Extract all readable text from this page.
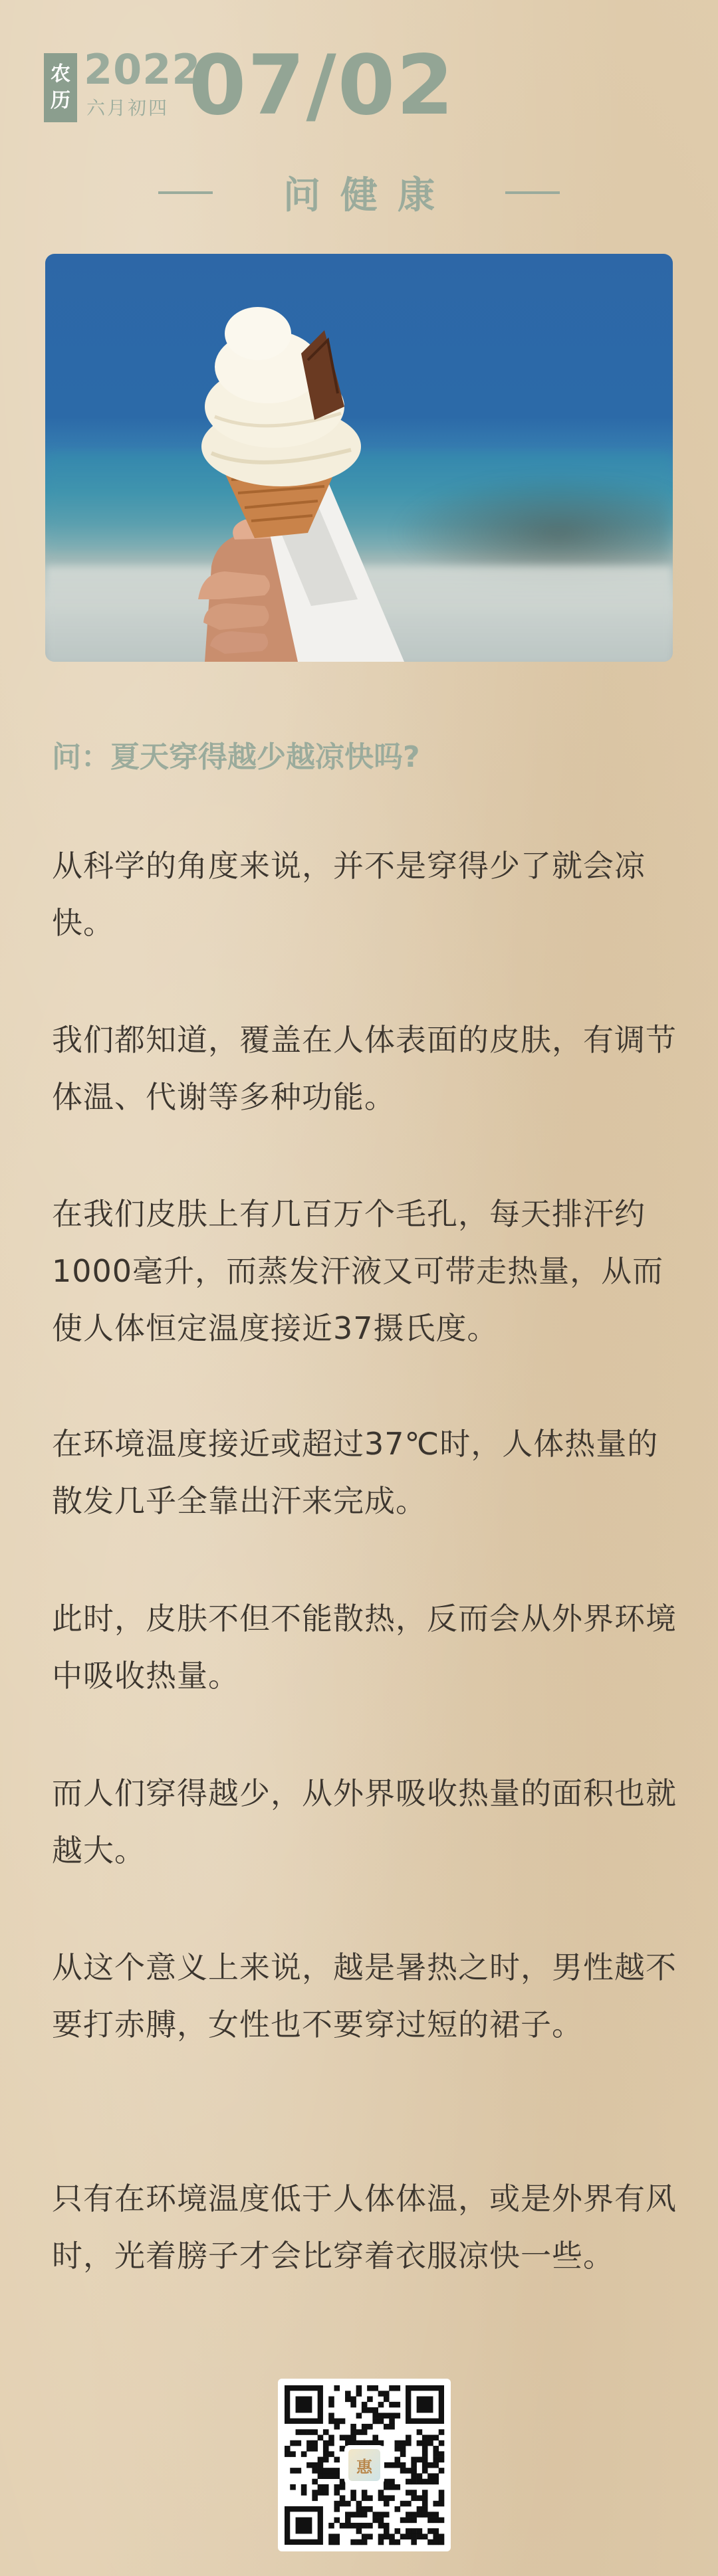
农
历
2022
六月初四 07/02
问健康
问：夏天穿得越少越凉快吗?

从科学的角度来说，并不是穿得少了就会凉快。

我们都知道，覆盖在人体表面的皮肤，有调节体温、代谢等多种功能。

在我们皮肤上有几百万个毛孔，每天排汗约1000毫升，而蒸发汗液又可带走热量，从而使人体恒定温度接近37摄氏度。

在环境温度接近或超过37℃时，人体热量的散发几乎全靠出汗来完成。

此时，皮肤不但不能散热，反而会从外界环境中吸收热量。

而人们穿得越少，从外界吸收热量的面积也就越大。

从这个意义上来说，越是暑热之时，男性越不要打赤膊，女性也不要穿过短的裙子。

只有在环境温度低于人体体温，或是外界有风时，光着膀子才会比穿着衣服凉快一些。

惠
